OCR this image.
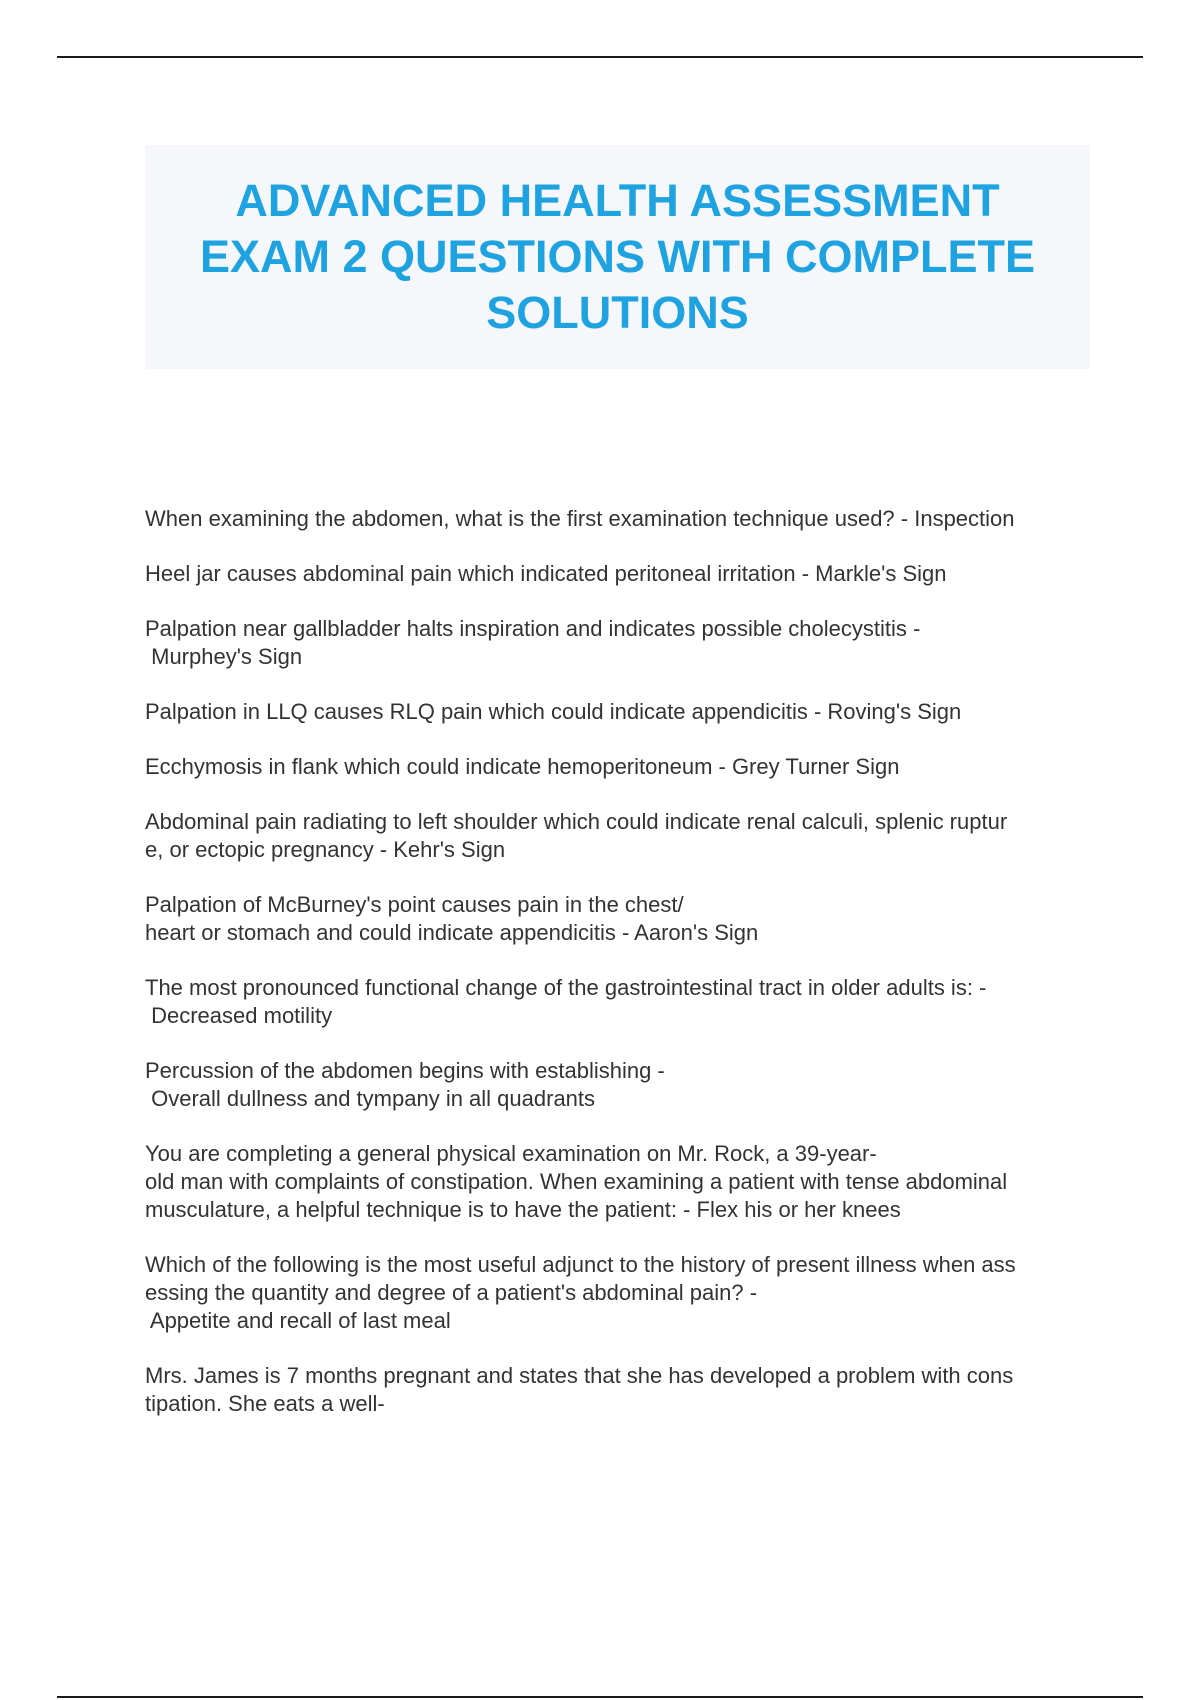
ADVANCED HEALTH ASSESSMENT
EXAM 2 QUESTIONS WITH COMPLETE
SOLUTIONS

When examining the abdomen, what is the first examination technique used? - Inspection

Heel jar causes abdominal pain which indicated peritoneal irritation - Markle's Sign

Palpation near gallbladder halts inspiration and indicates possible cholecystitis -
Murphey's Sign

Palpation in LLQ causes RLQ pain which could indicate appendicitis - Roving's Sign

Ecchymosis in flank which could indicate hemoperitoneum - Grey Turner Sign

Abdominal pain radiating to left shoulder which could indicate renal calculi, splenic ruptur
e, or ectopic pregnancy - Kehr's Sign

Palpation of McBurney's point causes pain in the chest/
heart or stomach and could indicate appendicitis - Aaron's Sign

The most pronounced functional change of the gastrointestinal tract in older adults is: -
Decreased motility

Percussion of the abdomen begins with establishing -
Overall dullness and tympany in all quadrants

You are completing a general physical examination on Mr. Rock, a 39-year-
old man with complaints of constipation. When examining a patient with tense abdominal
musculature, a helpful technique is to have the patient: - Flex his or her knees

Which of the following is the most useful adjunct to the history of present illness when ass
essing the quantity and degree of a patient's abdominal pain? -
Appetite and recall of last meal

Mrs. James is 7 months pregnant and states that she has developed a problem with cons
tipation. She eats a well-
